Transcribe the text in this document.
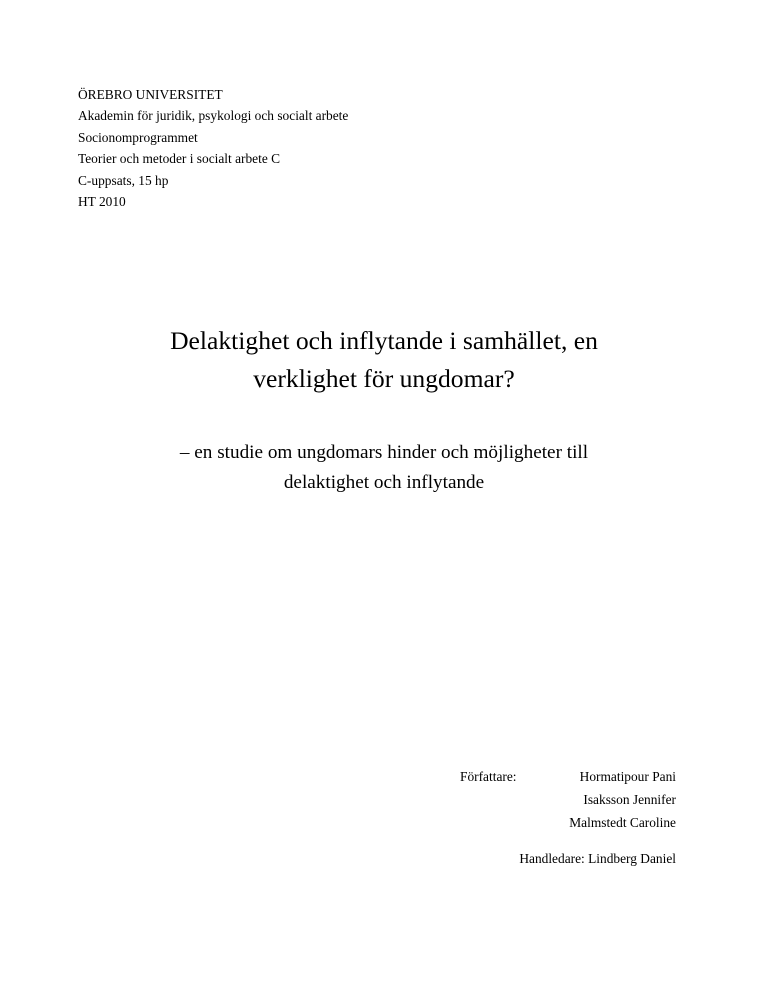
ÖREBRO UNIVERSITET
Akademin för juridik, psykologi och socialt arbete
Socionomprogrammet
Teorier och metoder i socialt arbete C
C-uppsats, 15 hp
HT 2010
Delaktighet och inflytande i samhället, en
verklighet för ungdomar?
– en studie om ungdomars hinder och möjligheter till
delaktighet och inflytande
Författare:	Hormatipour Pani
Isaksson Jennifer
Malmstedt Caroline
Handledare: Lindberg Daniel
